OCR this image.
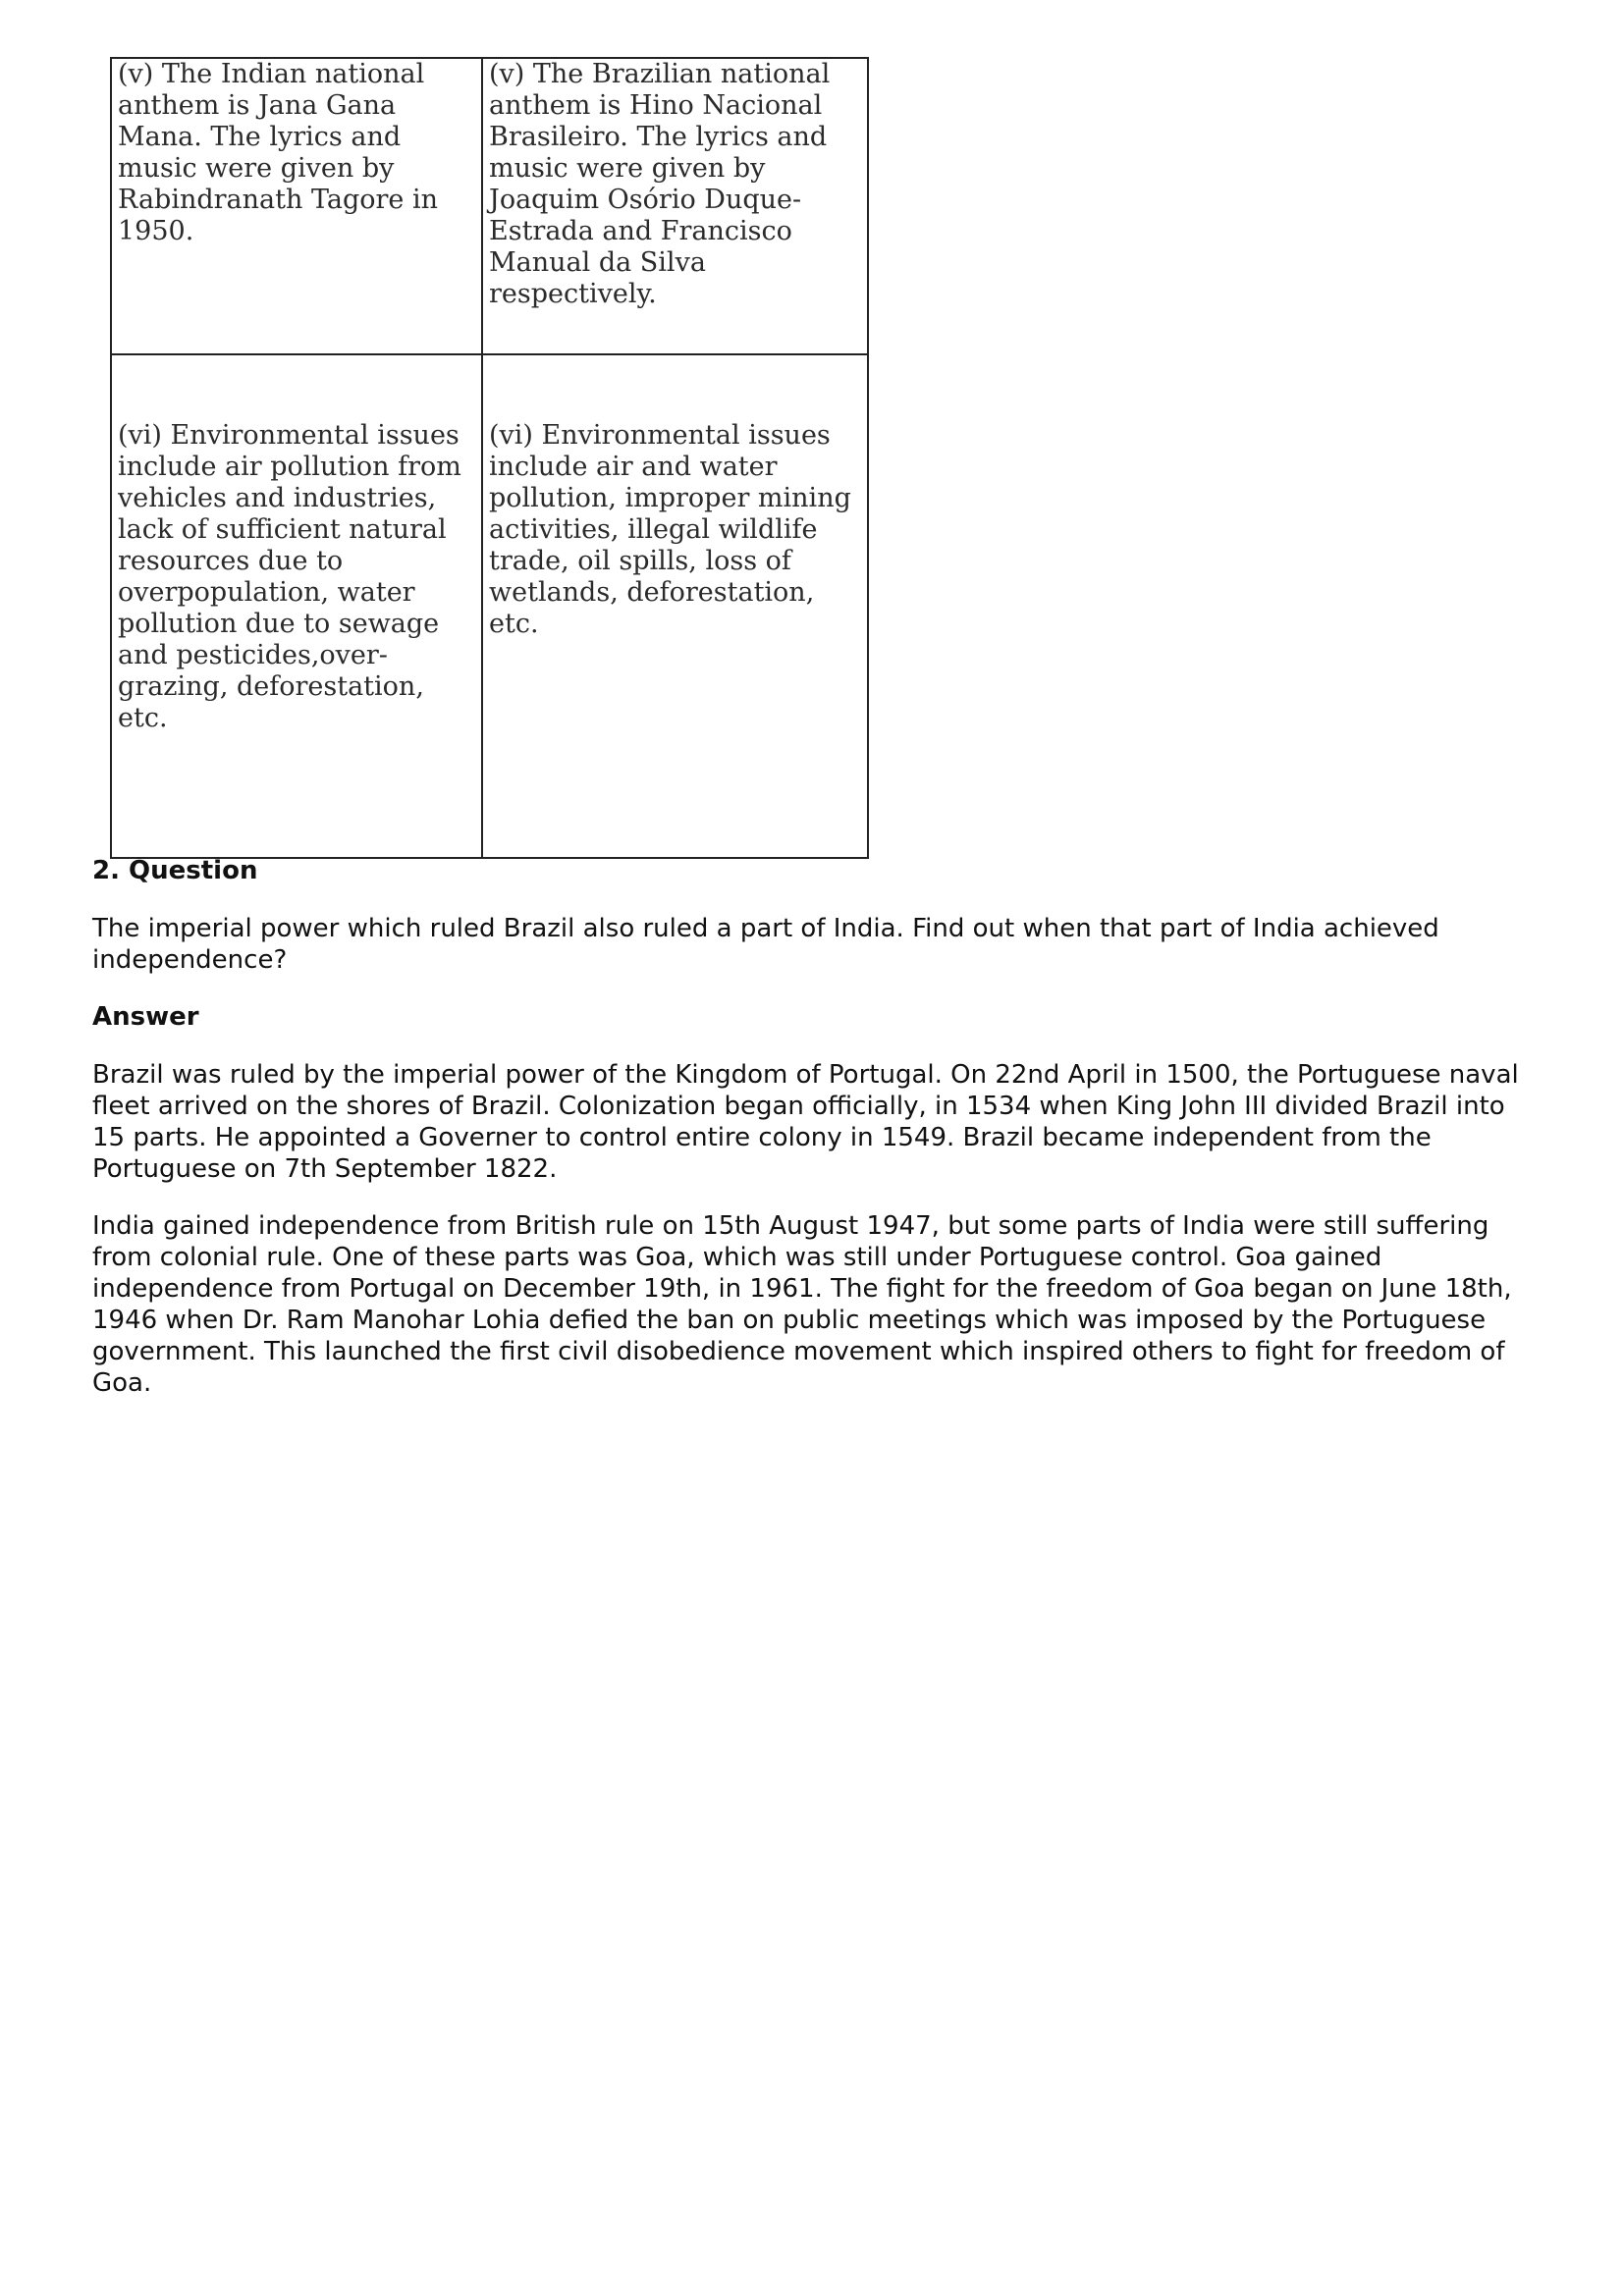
(v) The Indian national anthem is Jana Gana Mana. The lyrics and music were given by Rabindranath Tagore in 1950.	(v) The Brazilian national anthem is Hino Nacional Brasileiro. The lyrics and music were given by Joaquim Osório Duque-Estrada and Francisco Manual da Silva respectively.

(vi) Environmental issues include air pollution from vehicles and industries, lack of sufficient natural resources due to overpopulation, water pollution due to sewage and pesticides,over-grazing, deforestation, etc.	(vi) Environmental issues include air and water pollution, improper mining activities, illegal wildlife trade, oil spills, loss of wetlands, deforestation, etc.
2. Question

The imperial power which ruled Brazil also ruled a part of India. Find out when that part of India achieved independence?

Answer

Brazil was ruled by the imperial power of the Kingdom of Portugal. On 22nd April in 1500, the Portuguese naval fleet arrived on the shores of Brazil. Colonization began officially, in 1534 when King John III divided Brazil into 15 parts. He appointed a Governer to control entire colony in 1549. Brazil became independent from the Portuguese on 7th September 1822.

India gained independence from British rule on 15th August 1947, but some parts of India were still suffering from colonial rule. One of these parts was Goa, which was still under Portuguese control. Goa gained independence from Portugal on December 19th, in 1961. The fight for the freedom of Goa began on June 18th, 1946 when Dr. Ram Manohar Lohia defied the ban on public meetings which was imposed by the Portuguese government. This launched the first civil disobedience movement which inspired others to fight for freedom of Goa.
